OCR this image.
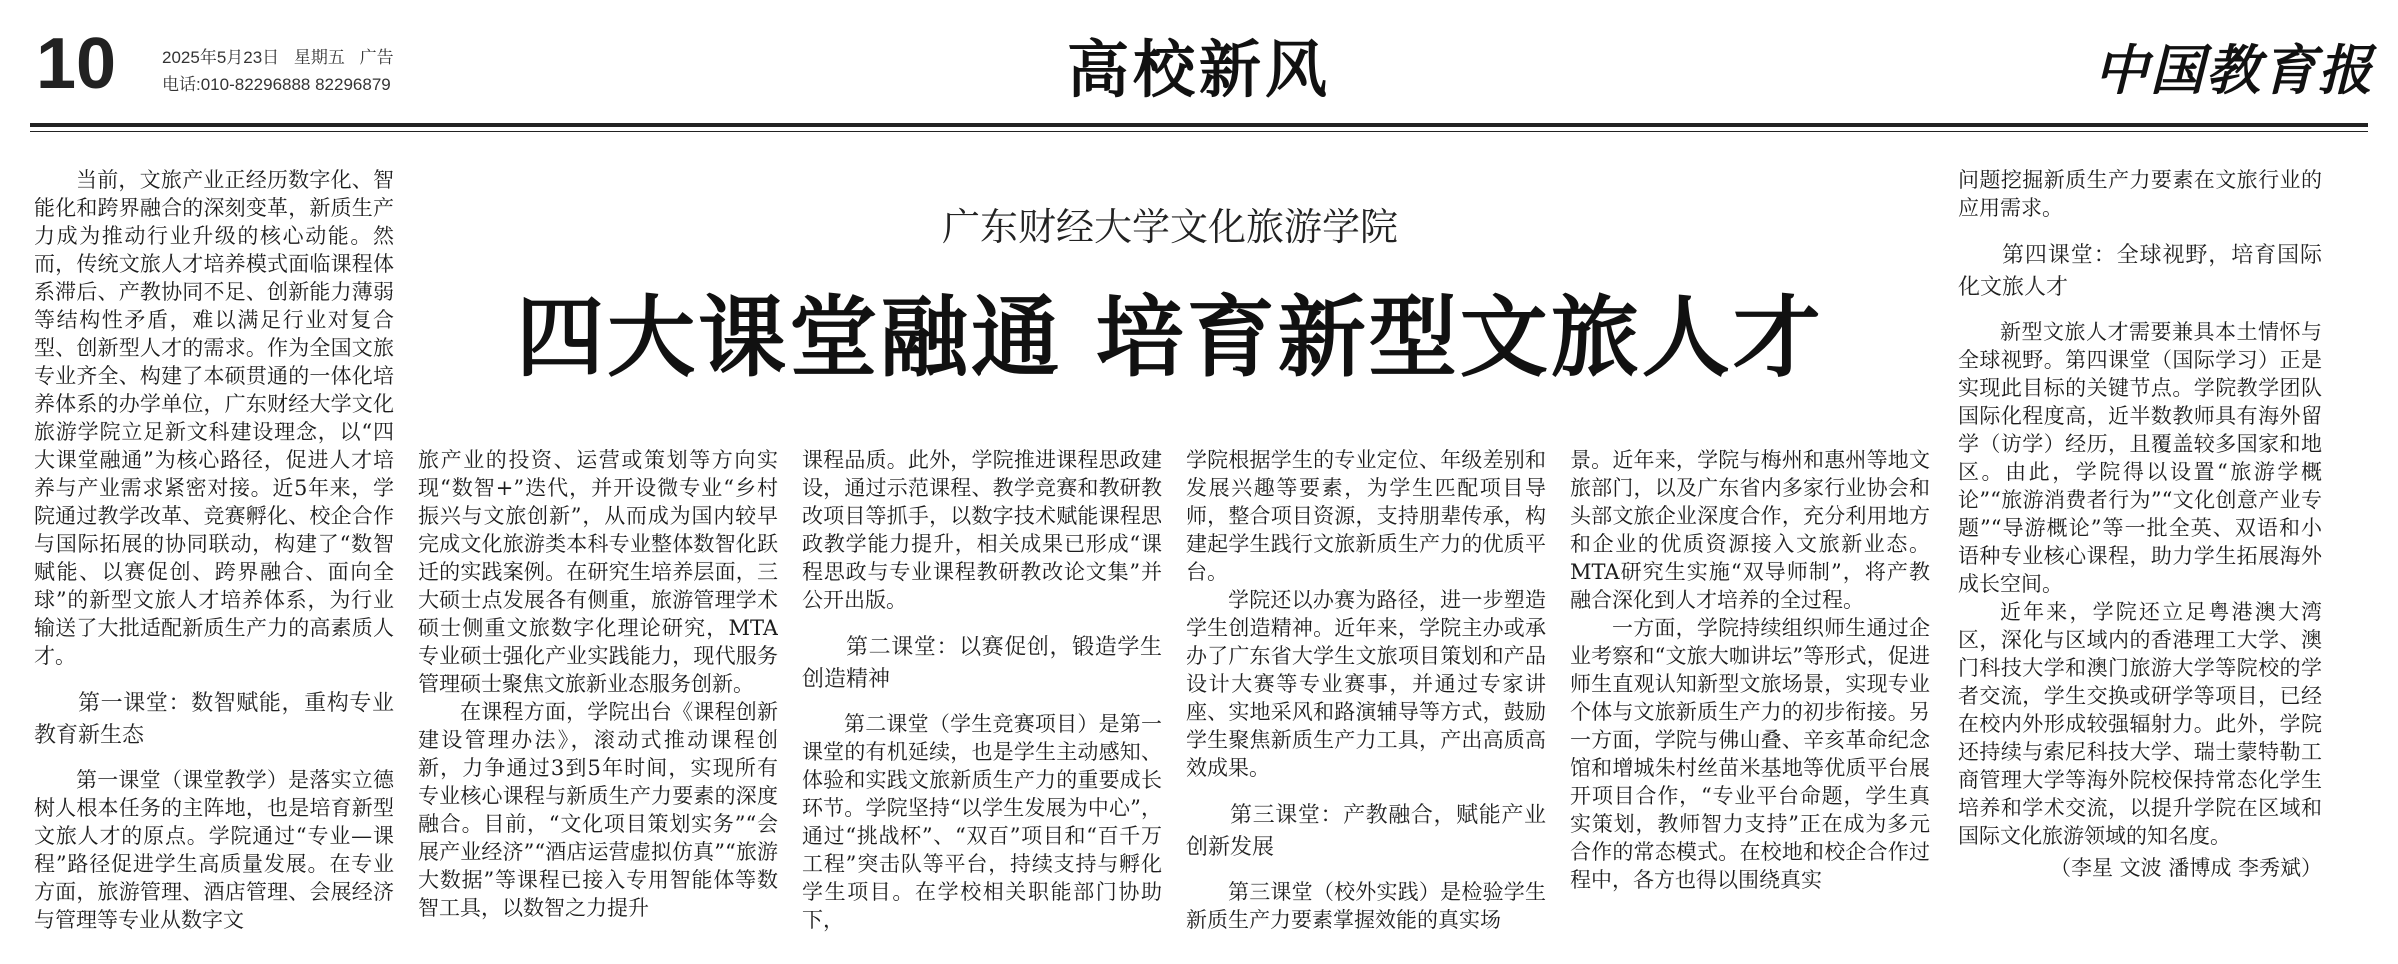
10	2025年5月23日 星期五 广告
电话:010-82296888 82296879	高校新风	中国教育报
广东财经大学文化旅游学院
四大课堂融通 培育新型文旅人才

当前，文旅产业正经历数字化、智能化和跨界融合的深刻变革，新质生产力成为推动行业升级的核心动能。然而，传统文旅人才培养模式面临课程体系滞后、产教协同不足、创新能力薄弱等结构性矛盾，难以满足行业对复合型、创新型人才的需求。作为全国文旅专业齐全、构建了本硕贯通的一体化培养体系的办学单位，广东财经大学文化旅游学院立足新文科建设理念，以“四大课堂融通”为核心路径，促进人才培养与产业需求紧密对接。近5年来，学院通过教学改革、竞赛孵化、校企合作与国际拓展的协同联动，构建了“数智赋能、以赛促创、跨界融合、面向全球”的新型文旅人才培养体系，为行业输送了大批适配新质生产力的高素质人才。

第一课堂：数智赋能，重构专业教育新生态

第一课堂（课堂教学）是落实立德树人根本任务的主阵地，也是培育新型文旅人才的原点。学院通过“专业—课程”路径促进学生高质量发展。在专业方面，旅游管理、酒店管理、会展经济与管理等专业从数字文

旅产业的投资、运营或策划等方向实现“数智+”迭代，并开设微专业“乡村振兴与文旅创新”，从而成为国内较早完成文化旅游类本科专业整体数智化跃迁的实践案例。在研究生培养层面，三大硕士点发展各有侧重，旅游管理学术硕士侧重文旅数字化理论研究，MTA专业硕士强化产业实践能力，现代服务管理硕士聚焦文旅新业态服务创新。

在课程方面，学院出台《课程创新建设管理办法》，滚动式推动课程创新，力争通过3到5年时间，实现所有专业核心课程与新质生产力要素的深度融合。目前，“文化项目策划实务”“会展产业经济”“酒店运营虚拟仿真”“旅游大数据”等课程已接入专用智能体等数智工具，以数智之力提升

课程品质。此外，学院推进课程思政建设，通过示范课程、教学竞赛和教研教改项目等抓手，以数字技术赋能课程思政教学能力提升，相关成果已形成“课程思政与专业课程教研教改论文集”并公开出版。

第二课堂：以赛促创，锻造学生创造精神

第二课堂（学生竞赛项目）是第一课堂的有机延续，也是学生主动感知、体验和实践文旅新质生产力的重要成长环节。学院坚持“以学生发展为中心”，通过“挑战杯”、“双百”项目和“百千万工程”突击队等平台，持续支持与孵化学生项目。在学校相关职能部门协助下，

学院根据学生的专业定位、年级差别和发展兴趣等要素，为学生匹配项目导师，整合项目资源，支持朋辈传承，构建起学生践行文旅新质生产力的优质平台。

学院还以办赛为路径，进一步塑造学生创造精神。近年来，学院主办或承办了广东省大学生文旅项目策划和产品设计大赛等专业赛事，并通过专家讲座、实地采风和路演辅导等方式，鼓励学生聚焦新质生产力工具，产出高质高效成果。

第三课堂：产教融合，赋能产业创新发展

第三课堂（校外实践）是检验学生新质生产力要素掌握效能的真实场

景。近年来，学院与梅州和惠州等地文旅部门，以及广东省内多家行业协会和头部文旅企业深度合作，充分利用地方和企业的优质资源接入文旅新业态。MTA研究生实施“双导师制”，将产教融合深化到人才培养的全过程。

一方面，学院持续组织师生通过企业考察和“文旅大咖讲坛”等形式，促进师生直观认知新型文旅场景，实现专业个体与文旅新质生产力的初步衔接。另一方面，学院与佛山叠、辛亥革命纪念馆和增城朱村丝苗米基地等优质平台展开项目合作，“专业平台命题，学生真实策划，教师智力支持”正在成为多元合作的常态模式。在校地和校企合作过程中，各方也得以围绕真实

问题挖掘新质生产力要素在文旅行业的应用需求。

第四课堂：全球视野，培育国际化文旅人才

新型文旅人才需要兼具本土情怀与全球视野。第四课堂（国际学习）正是实现此目标的关键节点。学院教学团队国际化程度高，近半数教师具有海外留学（访学）经历，且覆盖较多国家和地区。由此，学院得以设置“旅游学概论”“旅游消费者行为”“文化创意产业专题”“导游概论”等一批全英、双语和小语种专业核心课程，助力学生拓展海外成长空间。

近年来，学院还立足粤港澳大湾区，深化与区域内的香港理工大学、澳门科技大学和澳门旅游大学等院校的学者交流，学生交换或研学等项目，已经在校内外形成较强辐射力。此外，学院还持续与索尼科技大学、瑞士蒙特勒工商管理大学等海外院校保持常态化学生培养和学术交流，以提升学院在区域和国际文化旅游领域的知名度。

（李星 文波 潘博成 李秀斌）
